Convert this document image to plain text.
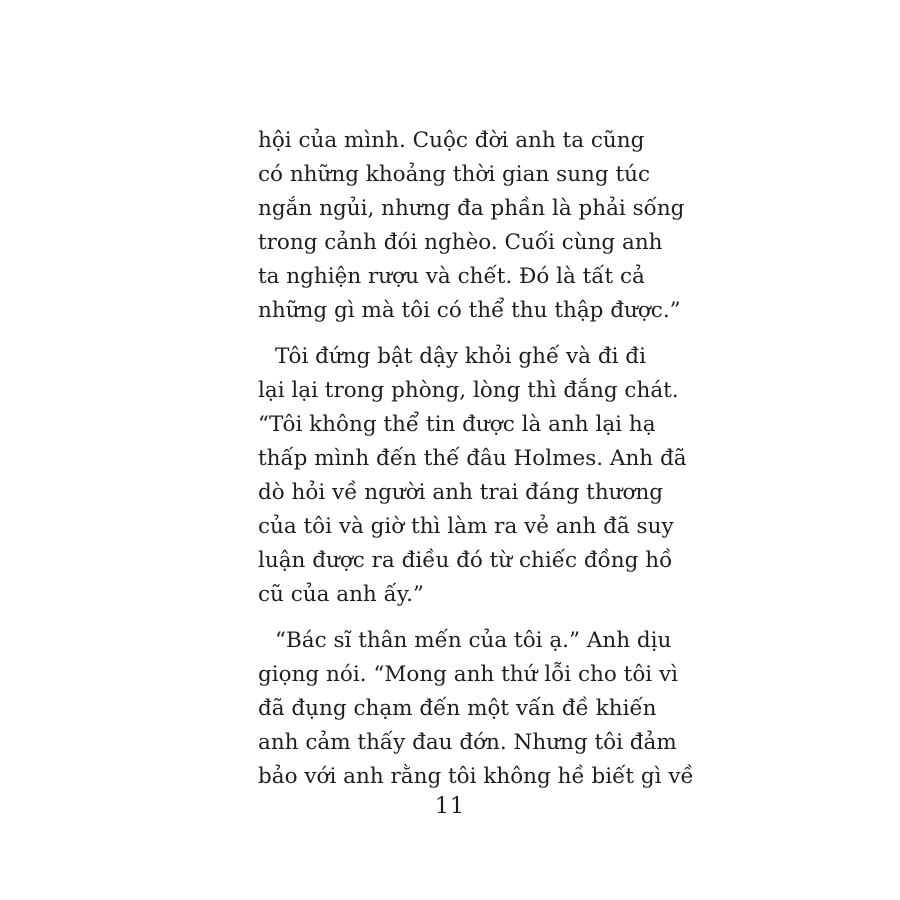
hội của mình. Cuộc đời anh ta cũng
có những khoảng thời gian sung túc
ngắn ngủi, nhưng đa phần là phải sống
trong cảnh đói nghèo. Cuối cùng anh
ta nghiện rượu và chết. Đó là tất cả
những gì mà tôi có thể thu thập được.”

Tôi đứng bật dậy khỏi ghế và đi đi
lại lại trong phòng, lòng thì đắng chát.
“Tôi không thể tin được là anh lại hạ
thấp mình đến thế đâu Holmes. Anh đã
dò hỏi về người anh trai đáng thương
của tôi và giờ thì làm ra vẻ anh đã suy
luận được ra điều đó từ chiếc đồng hồ
cũ của anh ấy.”

“Bác sĩ thân mến của tôi ạ.” Anh dịu
giọng nói. “Mong anh thứ lỗi cho tôi vì
đã đụng chạm đến một vấn đề khiến
anh cảm thấy đau đớn. Nhưng tôi đảm
bảo với anh rằng tôi không hề biết gì về

11
